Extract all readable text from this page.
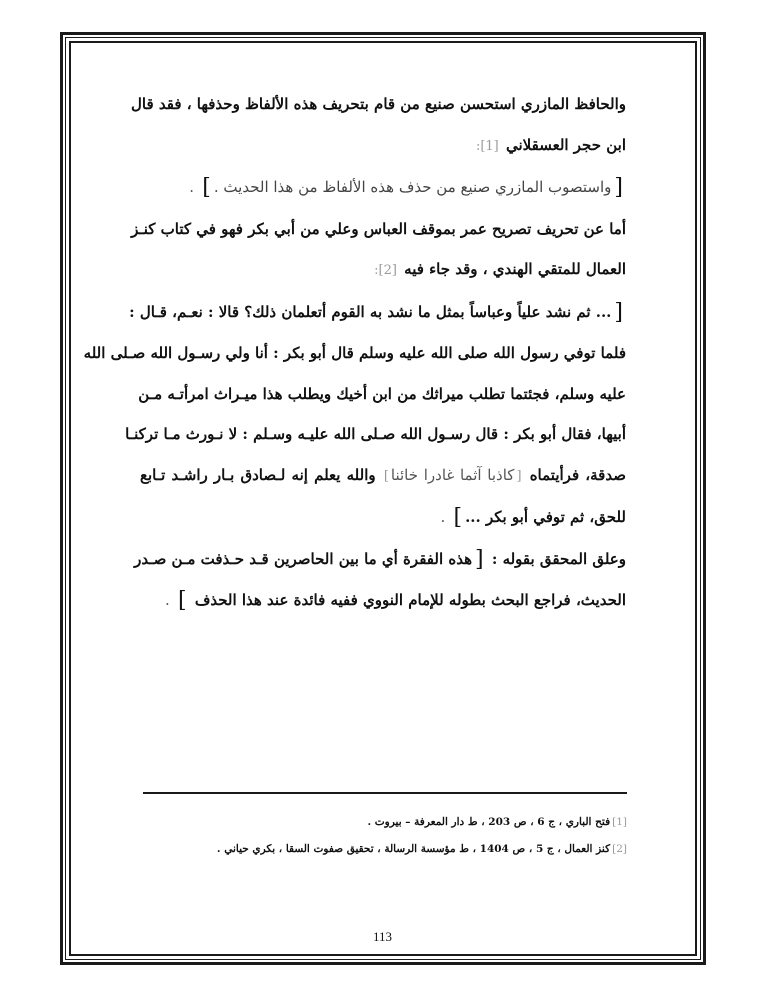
والحافظ المازري استحسن صنيع من قام بتحريف هذه الألفاظ وحذفها ، فقد قال
ابن حجر العسقلاني [1]:
[واستصوب المازري صنيع من حذف هذه الألفاظ من هذا الحديث .] .
أما عن تحريف تصريح عمر بموقف العباس وعلي من أبي بكر فهو في كتاب كنـز
العمال للمتقي الهندي ، وقد جاء فيه [2]:
[... ثم نشد علياً وعباساً بمثل ما نشد به القوم أتعلمان ذلك؟ قالا : نعـم، قـال :
فلما توفي رسول الله صلى الله عليه وسلم قال أبو بكر : أنا ولي رسـول الله صـلى الله
عليه وسلم، فجئتما تطلب ميراثك من ابن أخيك ويطلب هذا ميـراث امرأتـه مـن
أبيها، فقال أبو بكر : قال رسـول الله صـلى الله عليـه وسـلم : لا نـورث مـا تركنـا
صدقة، فرأيتماه [كاذبا آثما غادرا خائنا] والله يعلم إنه لـصادق بـار راشـد تـابع
للحق، ثم توفي أبو بكر ...] .
وعلق المحقق بقوله : [هذه الفقرة أي ما بين الحاصرين قـد حـذفت مـن صـدر
الحديث، فراجع البحث بطوله للإمام النووي ففيه فائدة عند هذا الحذف ] .
[1]فتح الباري ، ج 6 ، ص 203 ، ط دار المعرفة – بيروت .
[2]كنز العمال ، ج 5 ، ص 1404 ، ط مؤسسة الرسالة ، تحقيق صفوت السقا ، بكري حياني .
113
